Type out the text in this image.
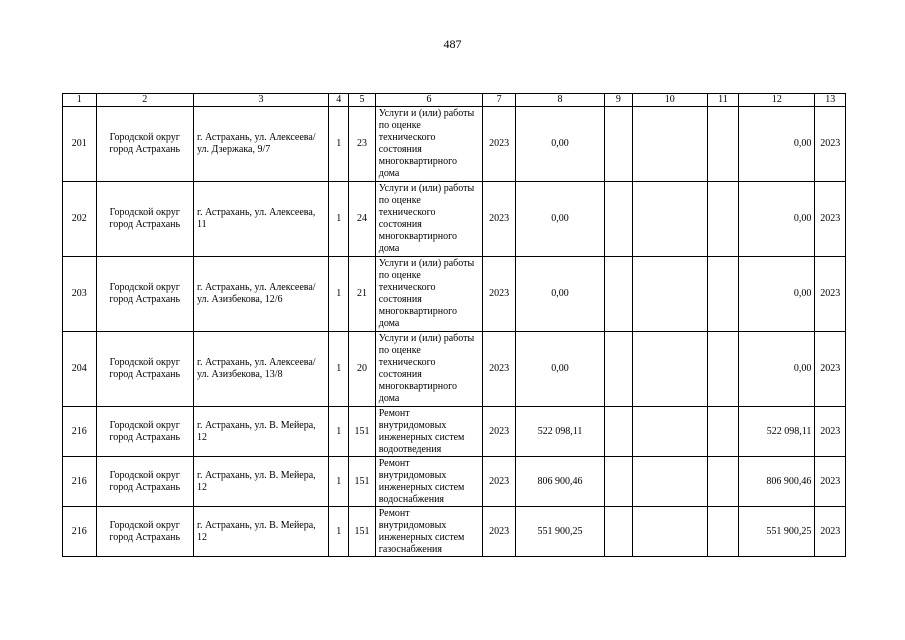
487
1	2	3	4	5	6	7	8	9	10	11	12	13
201	Городской округ город Астрахань	г. Астрахань, ул. Алексеева/ ул. Дзержака, 9/7	1	23	Услуги и (или) работы по оценке технического состояния многоквартирного дома	2023	0,00				0,00	2023
202	Городской округ город Астрахань	г. Астрахань, ул. Алексеева, 11	1	24	Услуги и (или) работы по оценке технического состояния многоквартирного дома	2023	0,00				0,00	2023
203	Городской округ город Астрахань	г. Астрахань, ул. Алексеева/ ул. Азизбекова, 12/6	1	21	Услуги и (или) работы по оценке технического состояния многоквартирного дома	2023	0,00				0,00	2023
204	Городской округ город Астрахань	г. Астрахань, ул. Алексеева/ ул. Азизбекова, 13/8	1	20	Услуги и (или) работы по оценке технического состояния многоквартирного дома	2023	0,00				0,00	2023
216	Городской округ город Астрахань	г. Астрахань, ул. В. Мейера, 12	1	151	Ремонт внутридомовых инженерных систем водоотведения	2023	522 098,11				522 098,11	2023
216	Городской округ город Астрахань	г. Астрахань, ул. В. Мейера, 12	1	151	Ремонт внутридомовых инженерных систем водоснабжения	2023	806 900,46				806 900,46	2023
216	Городской округ город Астрахань	г. Астрахань, ул. В. Мейера, 12	1	151	Ремонт внутридомовых инженерных систем газоснабжения	2023	551 900,25				551 900,25	2023
